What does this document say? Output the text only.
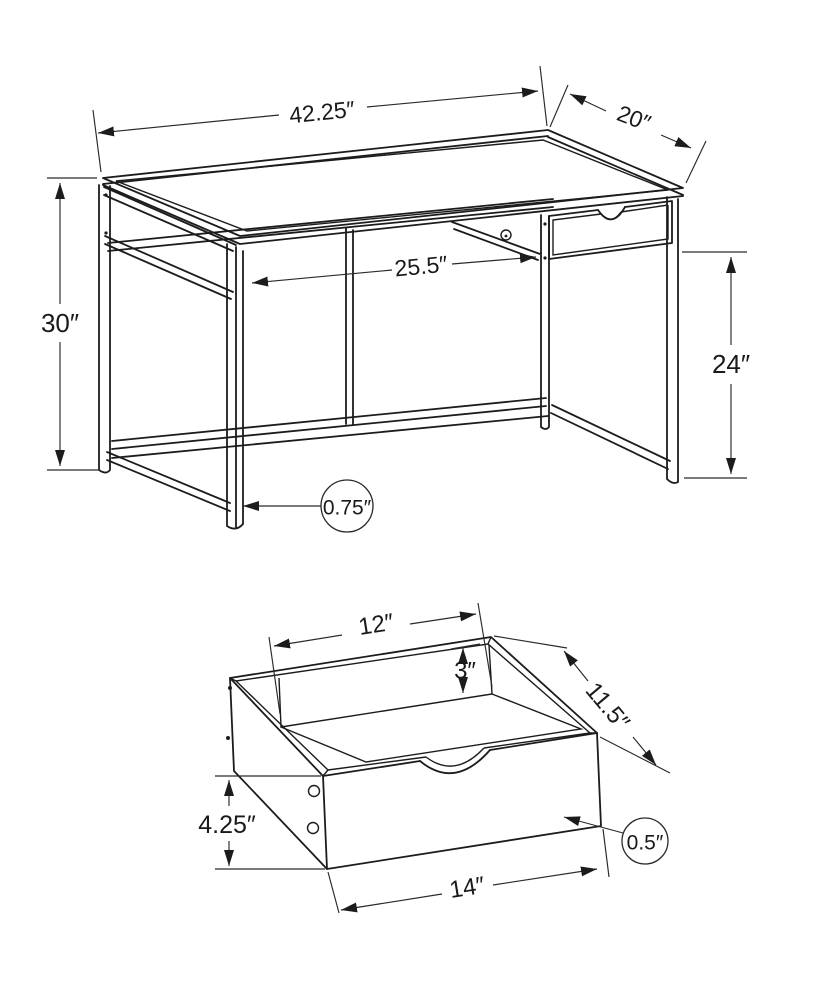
42.25″	20″
30″
24″
25.5″
0.75″
12″
3″
11.5″
4.25″
14″
0.5″
